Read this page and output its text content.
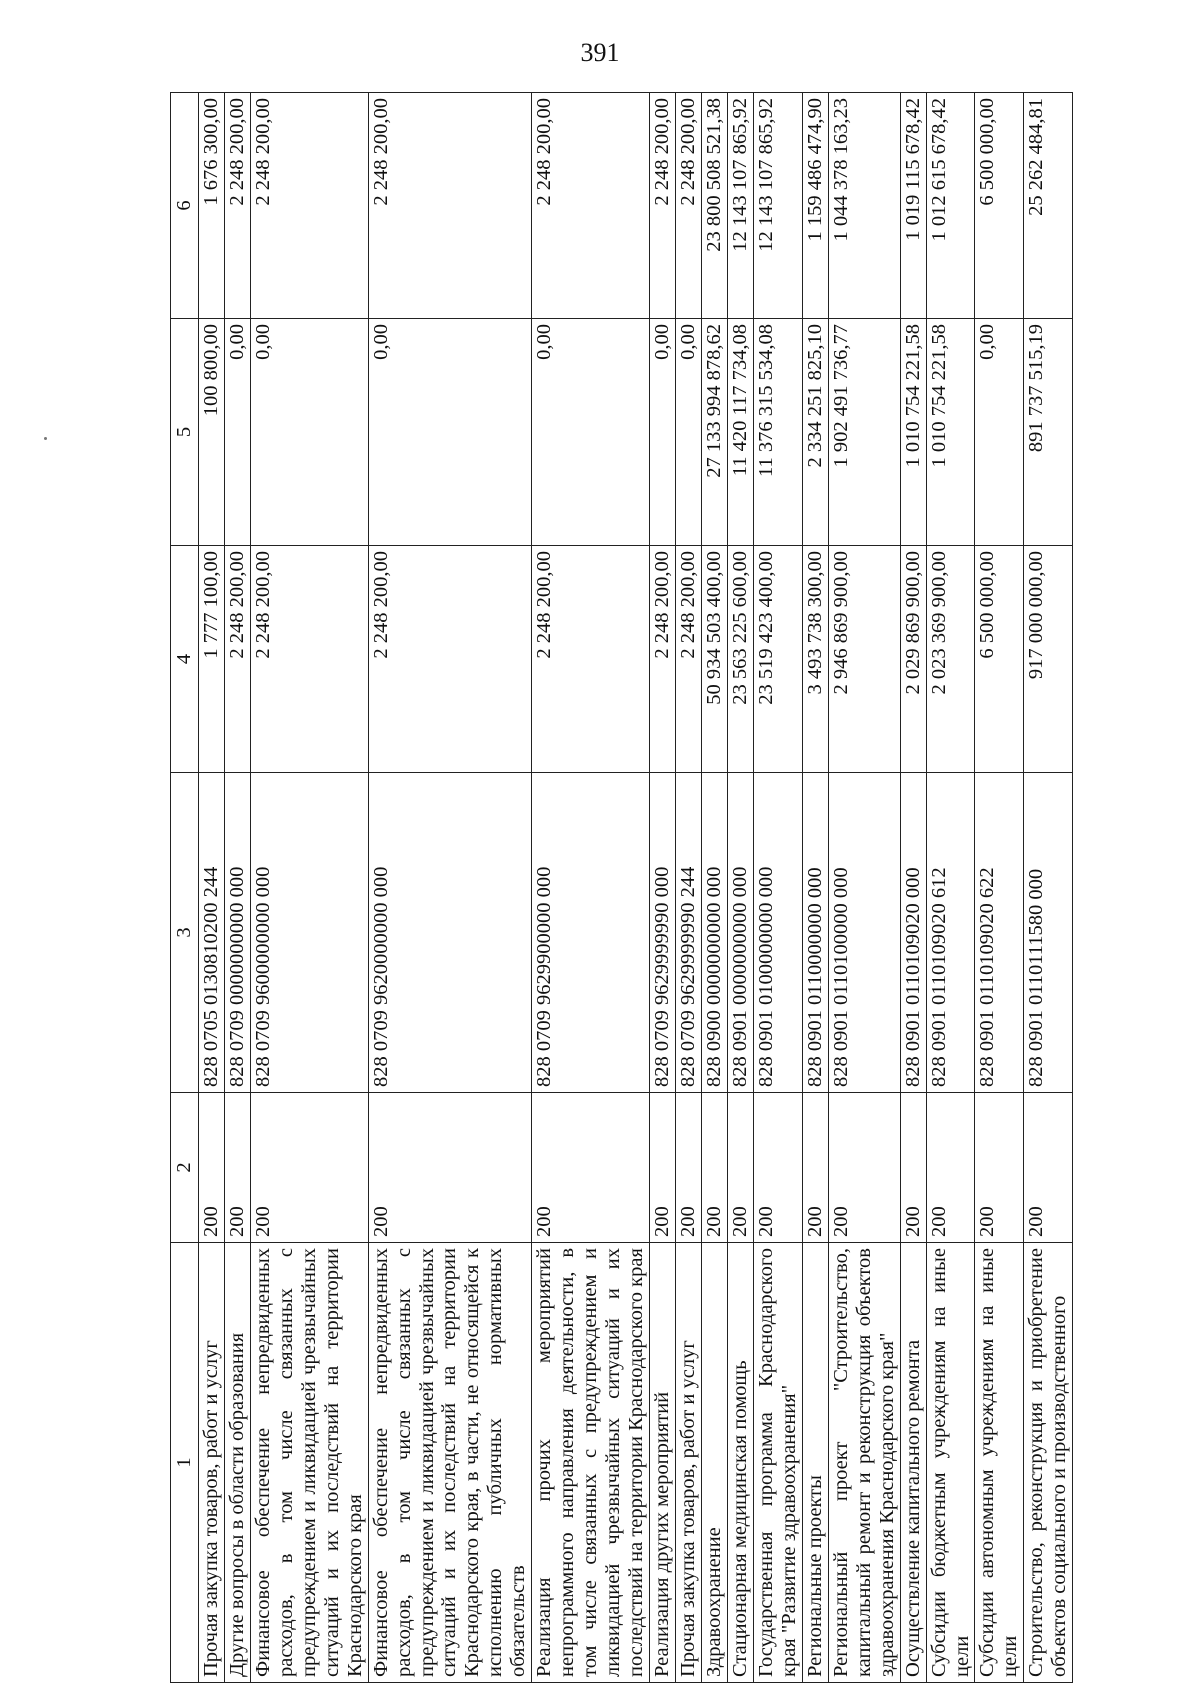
391
1	2	3	4	5	6
Прочая закупка товаров, работ и услуг	200	828 0705 0130810200 244	1 777 100,00	100 800,00	1 676 300,00
Другие вопросы в области образования	200	828 0709 0000000000 000	2 248 200,00	0,00	2 248 200,00
Финансовое обеспечение непредвиденных расходов, в том числе связанных с предупреждением и ликвидацией чрезвычайных ситуаций и их последствий на территории Краснодарского края	200	828 0709 9600000000 000	2 248 200,00	0,00	2 248 200,00
Финансовое обеспечение непредвиденных расходов, в том числе связанных с предупреждением и ликвидацией чрезвычайных ситуаций и их последствий на территории Краснодарского края, в части, не относящейся к исполнению публичных нормативных обязательств	200	828 0709 9620000000 000	2 248 200,00	0,00	2 248 200,00
Реализация прочих мероприятий непрограммного направления деятельности, в том числе связанных с предупреждением и ликвидацией чрезвычайных ситуаций и их последствий на территории Краснодарского края	200	828 0709 9629900000 000	2 248 200,00	0,00	2 248 200,00
Реализация других мероприятий	200	828 0709 9629999990 000	2 248 200,00	0,00	2 248 200,00
Прочая закупка товаров, работ и услуг	200	828 0709 9629999990 244	2 248 200,00	0,00	2 248 200,00
Здравоохранение	200	828 0900 0000000000 000	50 934 503 400,00	27 133 994 878,62	23 800 508 521,38
Стационарная медицинская помощь	200	828 0901 0000000000 000	23 563 225 600,00	11 420 117 734,08	12 143 107 865,92
Государственная программа Краснодарского края "Развитие здравоохранения"	200	828 0901 0100000000 000	23 519 423 400,00	11 376 315 534,08	12 143 107 865,92
Региональные проекты	200	828 0901 0110000000 000	3 493 738 300,00	2 334 251 825,10	1 159 486 474,90
Региональный проект "Строительство, капитальный ремонт и реконструкция объектов здравоохранения Краснодарского края"	200	828 0901 0110100000 000	2 946 869 900,00	1 902 491 736,77	1 044 378 163,23
Осуществление капитального ремонта	200	828 0901 0110109020 000	2 029 869 900,00	1 010 754 221,58	1 019 115 678,42
Субсидии бюджетным учреждениям на иные цели	200	828 0901 0110109020 612	2 023 369 900,00	1 010 754 221,58	1 012 615 678,42
Субсидии автономным учреждениям на иные цели	200	828 0901 0110109020 622	6 500 000,00	0,00	6 500 000,00
Строительство, реконструкция и приобретение объектов социального и производственного	200	828 0901 0110111580 000	917 000 000,00	891 737 515,19	25 262 484,81
